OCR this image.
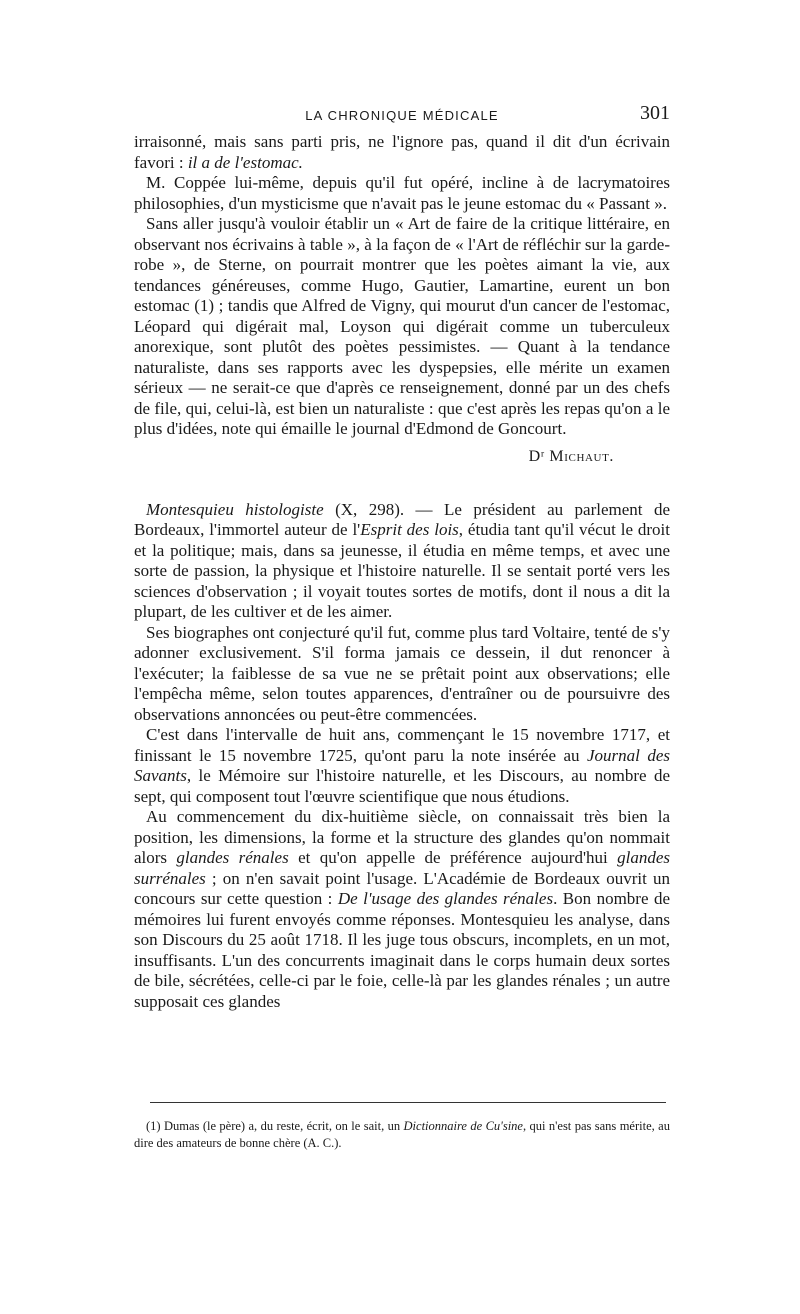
LA CHRONIQUE MÉDICALE	301

irraisonné, mais sans parti pris, ne l'ignore pas, quand il dit d'un écrivain favori : il a de l'estomac.

M. Coppée lui-même, depuis qu'il fut opéré, incline à de lacrymatoires philosophies, d'un mysticisme que n'avait pas le jeune estomac du « Passant ».

Sans aller jusqu'à vouloir établir un « Art de faire de la critique littéraire, en observant nos écrivains à table », à la façon de « l'Art de réfléchir sur la garde-robe », de Sterne, on pourrait montrer que les poètes aimant la vie, aux tendances généreuses, comme Hugo, Gautier, Lamartine, eurent un bon estomac (1) ; tandis que Alfred de Vigny, qui mourut d'un cancer de l'estomac, Léopard qui digérait mal, Loyson qui digérait comme un tuberculeux anorexique, sont plutôt des poètes pessimistes. — Quant à la tendance naturaliste, dans ses rapports avec les dyspepsies, elle mérite un examen sérieux — ne serait-ce que d'après ce renseignement, donné par un des chefs de file, qui, celui-là, est bien un naturaliste : que c'est après les repas qu'on a le plus d'idées, note qui émaille le journal d'Edmond de Goncourt.

Dʳ Michaut.

Montesquieu histologiste (X, 298). — Le président au parlement de Bordeaux, l'immortel auteur de l'Esprit des lois, étudia tant qu'il vécut le droit et la politique; mais, dans sa jeunesse, il étudia en même temps, et avec une sorte de passion, la physique et l'histoire naturelle. Il se sentait porté vers les sciences d'observation ; il voyait toutes sortes de motifs, dont il nous a dit la plupart, de les cultiver et de les aimer.

Ses biographes ont conjecturé qu'il fut, comme plus tard Voltaire, tenté de s'y adonner exclusivement. S'il forma jamais ce dessein, il dut renoncer à l'exécuter; la faiblesse de sa vue ne se prêtait point aux observations; elle l'empêcha même, selon toutes apparences, d'entraîner ou de poursuivre des observations annoncées ou peut-être commencées.

C'est dans l'intervalle de huit ans, commençant le 15 novembre 1717, et finissant le 15 novembre 1725, qu'ont paru la note insérée au Journal des Savants, le Mémoire sur l'histoire naturelle, et les Discours, au nombre de sept, qui composent tout l'œuvre scientifique que nous étudions.

Au commencement du dix-huitième siècle, on connaissait très bien la position, les dimensions, la forme et la structure des glandes qu'on nommait alors glandes rénales et qu'on appelle de préférence aujourd'hui glandes surrénales ; on n'en savait point l'usage. L'Académie de Bordeaux ouvrit un concours sur cette question : De l'usage des glandes rénales. Bon nombre de mémoires lui furent envoyés comme réponses. Montesquieu les analyse, dans son Discours du 25 août 1718. Il les juge tous obscurs, incomplets, en un mot, insuffisants. L'un des concurrents imaginait dans le corps humain deux sortes de bile, sécrétées, celle-ci par le foie, celle-là par les glandes rénales ; un autre supposait ces glandes

(1) Dumas (le père) a, du reste, écrit, on le sait, un Dictionnaire de Cu'sine, qui n'est pas sans mérite, au dire des amateurs de bonne chère (A. C.).
